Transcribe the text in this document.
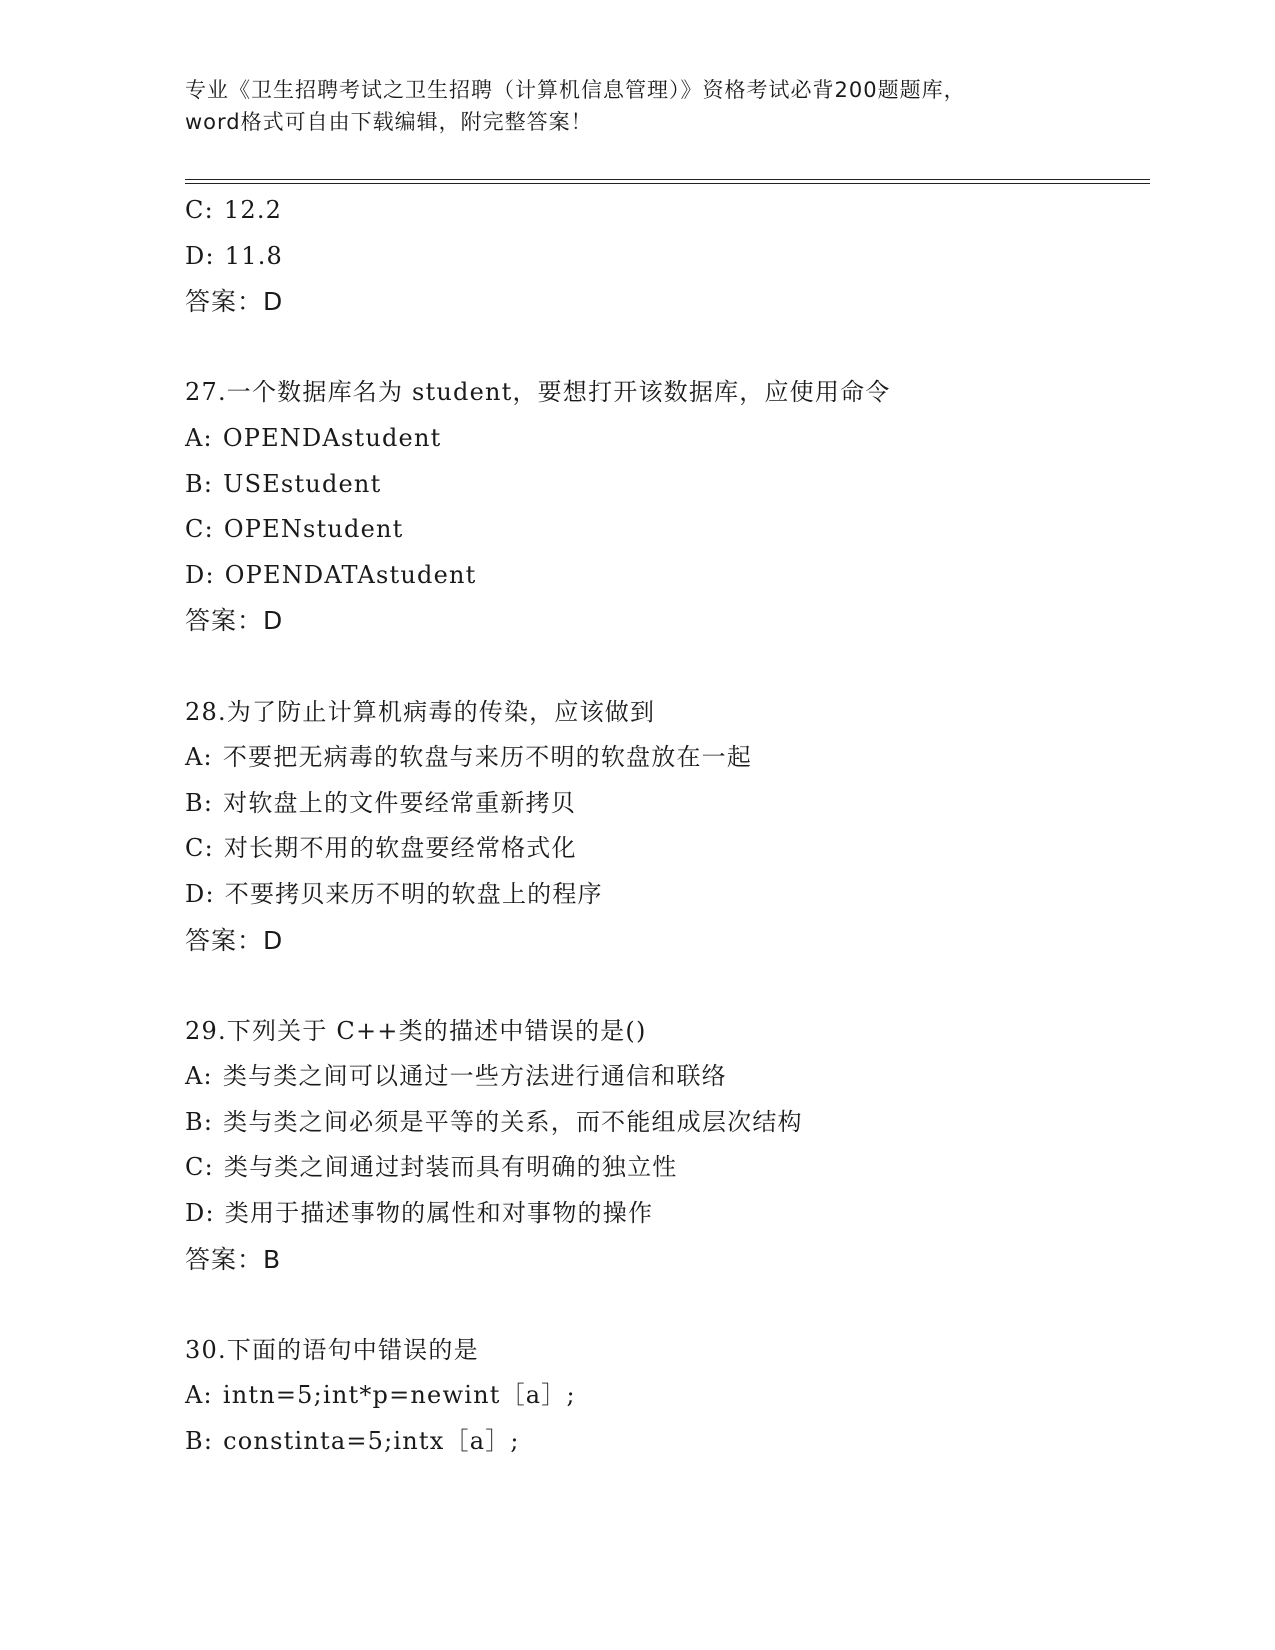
专业《卫生招聘考试之卫生招聘（计算机信息管理）》资格考试必背200题题库，
word格式可自由下载编辑，附完整答案！
C: 12.2
D: 11.8
答案：D
27.一个数据库名为 student，要想打开该数据库，应使用命令
A: OPENDAstudent
B: USEstudent
C: OPENstudent
D: OPENDATAstudent
答案：D
28.为了防止计算机病毒的传染，应该做到
A: 不要把无病毒的软盘与来历不明的软盘放在一起
B: 对软盘上的文件要经常重新拷贝
C: 对长期不用的软盘要经常格式化
D: 不要拷贝来历不明的软盘上的程序
答案：D
29.下列关于 C++类的描述中错误的是()
A: 类与类之间可以通过一些方法进行通信和联络
B: 类与类之间必须是平等的关系，而不能组成层次结构
C: 类与类之间通过封装而具有明确的独立性
D: 类用于描述事物的属性和对事物的操作
答案：B
30.下面的语句中错误的是
A: intn=5;int*p=newint［a］;
B: constinta=5;intx［a］;
